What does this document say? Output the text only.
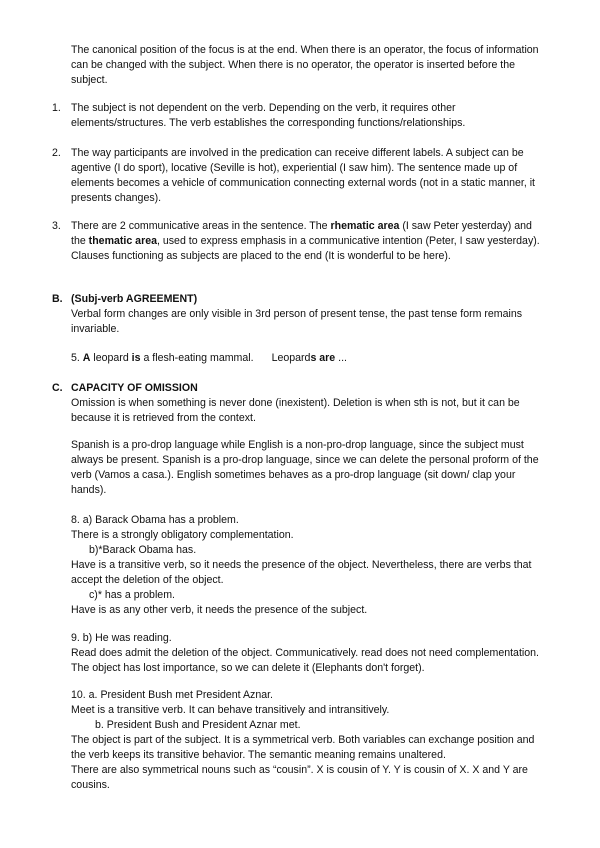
The canonical position of the focus is at the end. When there is an operator, the focus of information can be changed with the subject. When there is no operator, the operator is inserted before the subject.

1. The subject is not dependent on the verb. Depending on the verb, it requires other elements/structures. The verb establishes the corresponding functions/relationships.

2. The way participants are involved in the predication can receive different labels. A subject can be agentive (I do sport), locative (Seville is hot), experiential (I saw him). The sentence made up of elements becomes a vehicle of communication connecting external words (not in a static manner, it presents changes).

3. There are 2 communicative areas in the sentence. The rhematic area (I saw Peter yesterday) and the thematic area, used to express emphasis in a communicative intention (Peter, I saw yesterday). Clauses functioning as subjects are placed to the end (It is wonderful to be here).

B. (Subj-verb AGREEMENT)

Verbal form changes are only visible in 3rd person of present tense, the past tense form remains invariable.

5. A leopard is a flesh-eating mammal. Leopards are ...

C. CAPACITY OF OMISSION

Omission is when something is never done (inexistent). Deletion is when sth is not, but it can be because it is retrieved from the context.

Spanish is a pro-drop language while English is a non-pro-drop language, since the subject must always be present. Spanish is a pro-drop language, since we can delete the personal proform of the verb (Vamos a casa.). English sometimes behaves as a pro-drop language (sit down/ clap your hands).

8. a) Barack Obama has a problem.

There is a strongly obligatory complementation.

b)*Barack Obama has.

Have is a transitive verb, so it needs the presence of the object. Nevertheless, there are verbs that accept the deletion of the object.

c)* has a problem.

Have is as any other verb, it needs the presence of the subject.

9. b) He was reading.

Read does admit the deletion of the object. Communicatively. read does not need complementation. The object has lost importance, so we can delete it (Elephants don't forget).

10. a. President Bush met President Aznar.

Meet is a transitive verb. It can behave transitively and intransitively.

b. President Bush and President Aznar met.

The object is part of the subject. It is a symmetrical verb. Both variables can exchange position and the verb keeps its transitive behavior. The semantic meaning remains unaltered.

There are also symmetrical nouns such as “cousin”. X is cousin of Y. Y is cousin of X. X and Y are cousins.
